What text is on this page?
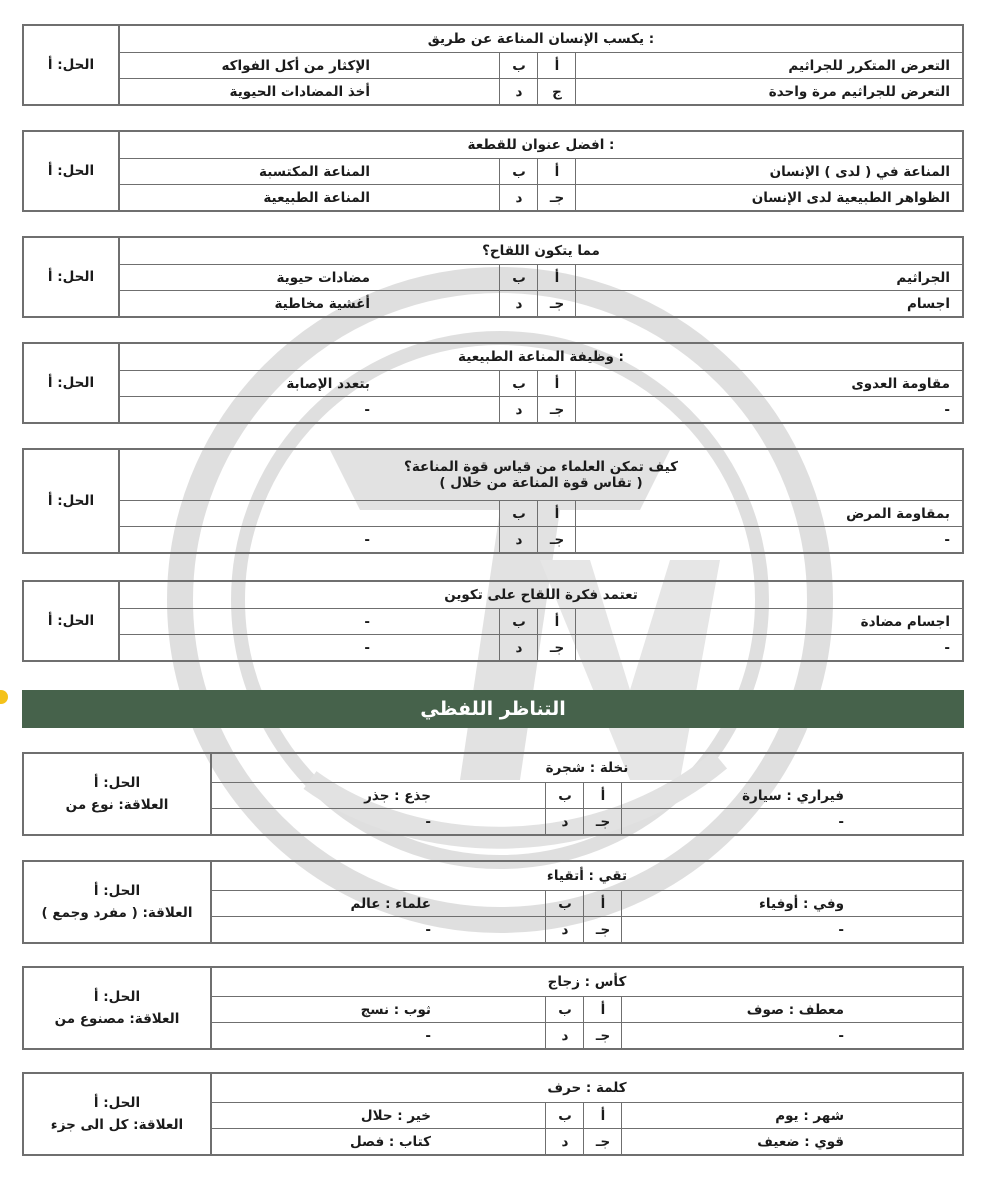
التناظر اللفظي
الحل: أ
يكسب الإنسان المناعة عن طريق :
التعرض المتكرر للجراثيم
أ
ب
الإكثار من أكل الفواكه
التعرض للجراثيم مرة واحدة
ج
د
أخذ المضادات الحيوية
الحل: أ
افضل عنوان للقطعة :
المناعة في ( لدى ) الإنسان
أ
ب
المناعة المكتسبة
الظواهر الطبيعية لدى الإنسان
جـ
د
المناعة الطبيعية
الحل: أ
مما يتكون اللقاح؟
الجراثيم
أ
ب
مضادات حيوية
اجسام
جـ
د
أغشية مخاطية
الحل: أ
وظيفة المناعة الطبيعية :
مقاومة العدوى
أ
ب
بتعدد الإصابة
-
جـ
د
-
الحل: أ
كيف تمكن العلماء من قياس قوة المناعة؟
( تقاس قوة المناعة من خلال )
بمقاومة المرض
أ
ب
-
جـ
د
-
الحل: أ
تعتمد فكرة اللقاح على تكوين
اجسام مضادة
أ
ب
-
-
جـ
د
-
الحل: أ
العلاقة: نوع من
نخلة : شجرة
فيراري : سيارة
أ
ب
جذع : جذر
-
جـ
د
-
الحل: أ
العلاقة: ( مفرد وجمع )
تقي : أتقياء
وفي : أوفياء
أ
ب
علماء : عالم
-
جـ
د
-
الحل: أ
العلاقة: مصنوع من
كأس : زجاج
معطف : صوف
أ
ب
ثوب : نسج
-
جـ
د
-
الحل: أ
العلاقة: كل الى جزء
كلمة : حرف
شهر : يوم
أ
ب
خير : حلال
قوي : ضعيف
جـ
د
كتاب : فصل
